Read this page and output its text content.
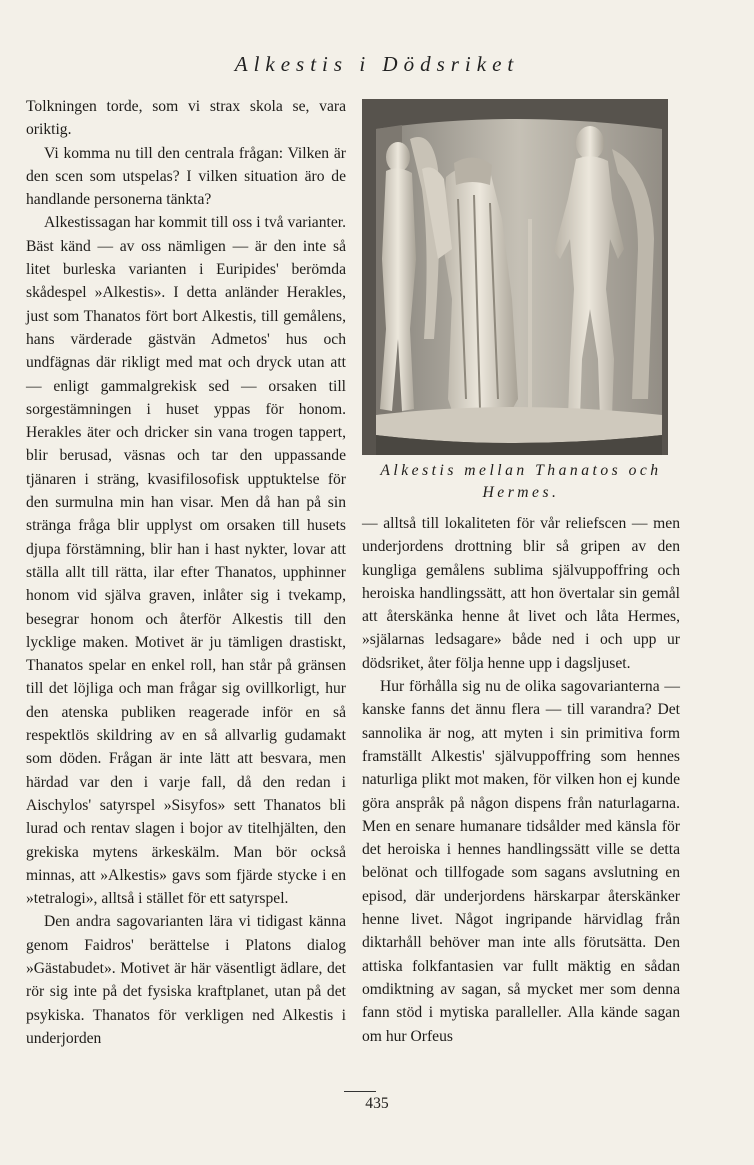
Alkestis i Dödsriket

Tolkningen torde, som vi strax skola se, vara oriktig.

Vi komma nu till den centrala frågan: Vilken är den scen som utspelas? I vilken situation äro de handlande personerna tänkta?

Alkestissagan har kommit till oss i två varianter. Bäst känd — av oss nämligen — är den inte så litet burleska varianten i Euripides' berömda skådespel »Alkestis». I detta anländer Herakles, just som Thanatos fört bort Alkestis, till gemålens, hans värderade gästvän Admetos' hus och undfägnas där rikligt med mat och dryck utan att — enligt gammalgrekisk sed — orsaken till sorgestämningen i huset yppas för honom. Herakles äter och dricker sin vana trogen tappert, blir berusad, väsnas och tar den uppassande tjänaren i sträng, kvasifilosofisk upptuktelse för den surmulna min han visar. Men då han på sin stränga fråga blir upplyst om orsaken till husets djupa förstämning, blir han i hast nykter, lovar att ställa allt till rätta, ilar efter Thanatos, upphinner honom vid själva graven, inlåter sig i tvekamp, besegrar honom och återför Alkestis till den lycklige maken. Motivet är ju tämligen drastiskt, Thanatos spelar en enkel roll, han står på gränsen till det löjliga och man frågar sig ovillkorligt, hur den atenska publiken reagerade inför en så respektlös skildring av en så allvarlig gudamakt som döden. Frågan är inte lätt att besvara, men härdad var den i varje fall, då den redan i Aischylos' satyrspel »Sisyfos» sett Thanatos bli lurad och rentav slagen i bojor av titelhjälten, den grekiska mytens ärkeskälm. Man bör också minnas, att »Alkestis» gavs som fjärde stycke i en »tetralogi», alltså i stället för ett satyrspel.

Den andra sagovarianten lära vi tidigast känna genom Faidros' berättelse i Platons dialog »Gästabudet». Motivet är här väsentligt ädlare, det rör sig inte på det fysiska kraftplanet, utan på det psykiska. Thanatos för verkligen ned Alkestis i underjorden

Alkestis mellan Thanatos och Hermes.

— alltså till lokaliteten för vår reliefscen — men underjordens drottning blir så gripen av den kungliga gemålens sublima självuppoffring och heroiska handlingssätt, att hon övertalar sin gemål att återskänka henne åt livet och låta Hermes, »själarnas ledsagare» både ned i och upp ur dödsriket, åter följa henne upp i dagsljuset.

Hur förhålla sig nu de olika sagovarianterna — kanske fanns det ännu flera — till varandra? Det sannolika är nog, att myten i sin primitiva form framställt Alkestis' självuppoffring som hennes naturliga plikt mot maken, för vilken hon ej kunde göra anspråk på någon dispens från naturlagarna. Men en senare humanare tidsålder med känsla för det heroiska i hennes handlingssätt ville se detta belönat och tillfogade som sagans avslutning en episod, där underjordens härskarpar återskänker henne livet. Något ingripande härvidlag från diktarhåll behöver man inte alls förutsätta. Den attiska folkfantasien var fullt mäktig en sådan omdiktning av sagan, så mycket mer som denna fann stöd i mytiska paralleller. Alla kände sagan om hur Orfeus

435
